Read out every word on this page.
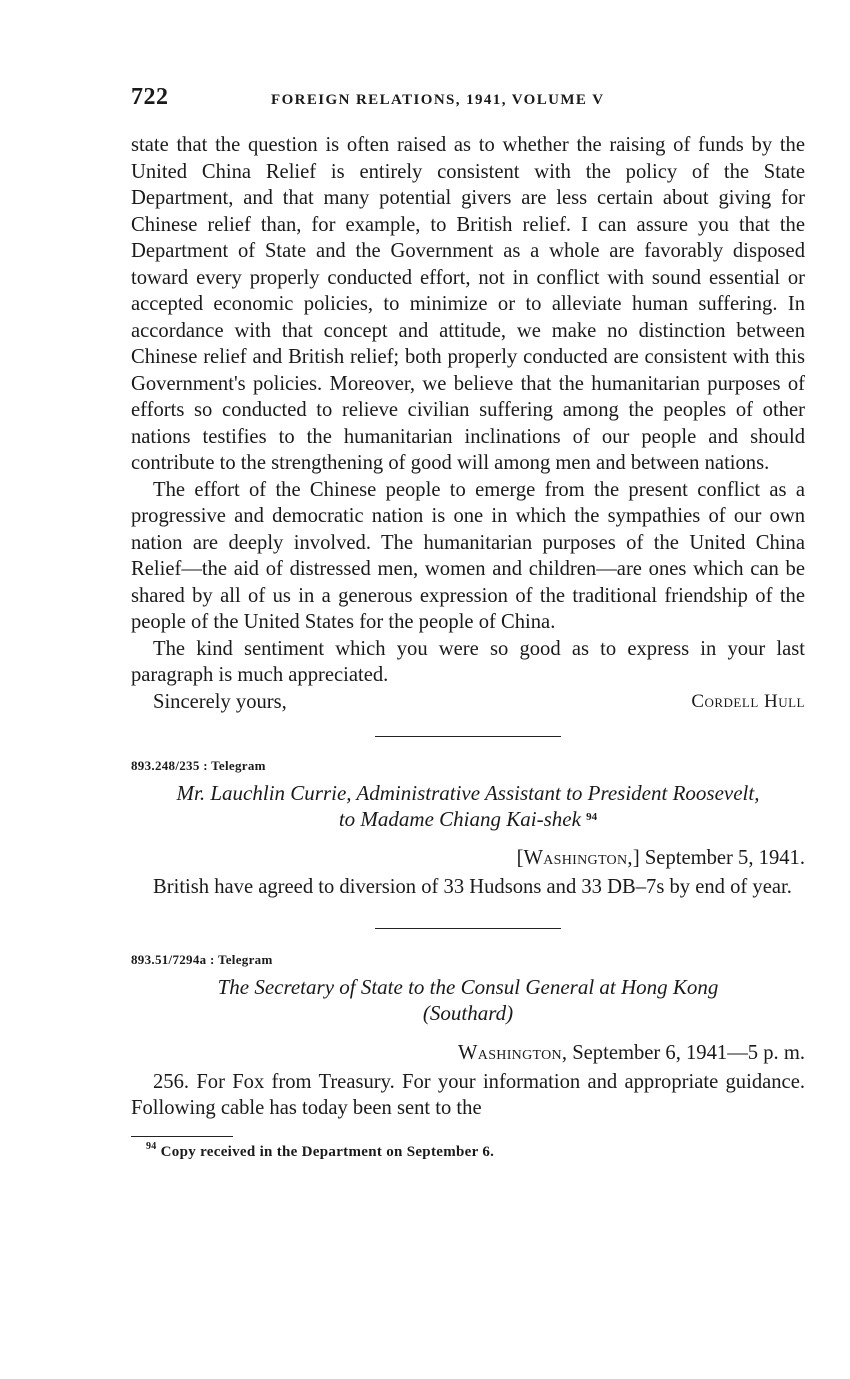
722	FOREIGN RELATIONS, 1941, VOLUME V

state that the question is often raised as to whether the raising of funds by the United China Relief is entirely consistent with the policy of the State Department, and that many potential givers are less certain about giving for Chinese relief than, for example, to British relief. I can assure you that the Department of State and the Government as a whole are favorably disposed toward every properly conducted effort, not in conflict with sound essential or accepted economic policies, to minimize or to alleviate human suffering. In accordance with that concept and attitude, we make no distinction between Chinese relief and British relief; both properly conducted are consistent with this Government's policies. Moreover, we believe that the humanitarian purposes of efforts so conducted to relieve civilian suffering among the peoples of other nations testifies to the humanitarian inclinations of our people and should contribute to the strengthening of good will among men and between nations.

The effort of the Chinese people to emerge from the present conflict as a progressive and democratic nation is one in which the sympathies of our own nation are deeply involved. The humanitarian purposes of the United China Relief—the aid of distressed men, women and children—are ones which can be shared by all of us in a generous expression of the traditional friendship of the people of the United States for the people of China.

The kind sentiment which you were so good as to express in your last paragraph is much appreciated.

Sincerely yours,	Cordell Hull
893.248/235 : Telegram
Mr. Lauchlin Currie, Administrative Assistant to President Roosevelt,
to Madame Chiang Kai-shek $^{94}$
[Washington,] September 5, 1941.

British have agreed to diversion of 33 Hudsons and 33 DB–7s by end of year.

893.51/7294a : Telegram
The Secretary of State to the Consul General at Hong Kong
(Southard)
Washington, September 6, 1941—5 p. m.

256. For Fox from Treasury. For your information and appropriate guidance. Following cable has today been sent to the

$^{94}$ Copy received in the Department on September 6.
